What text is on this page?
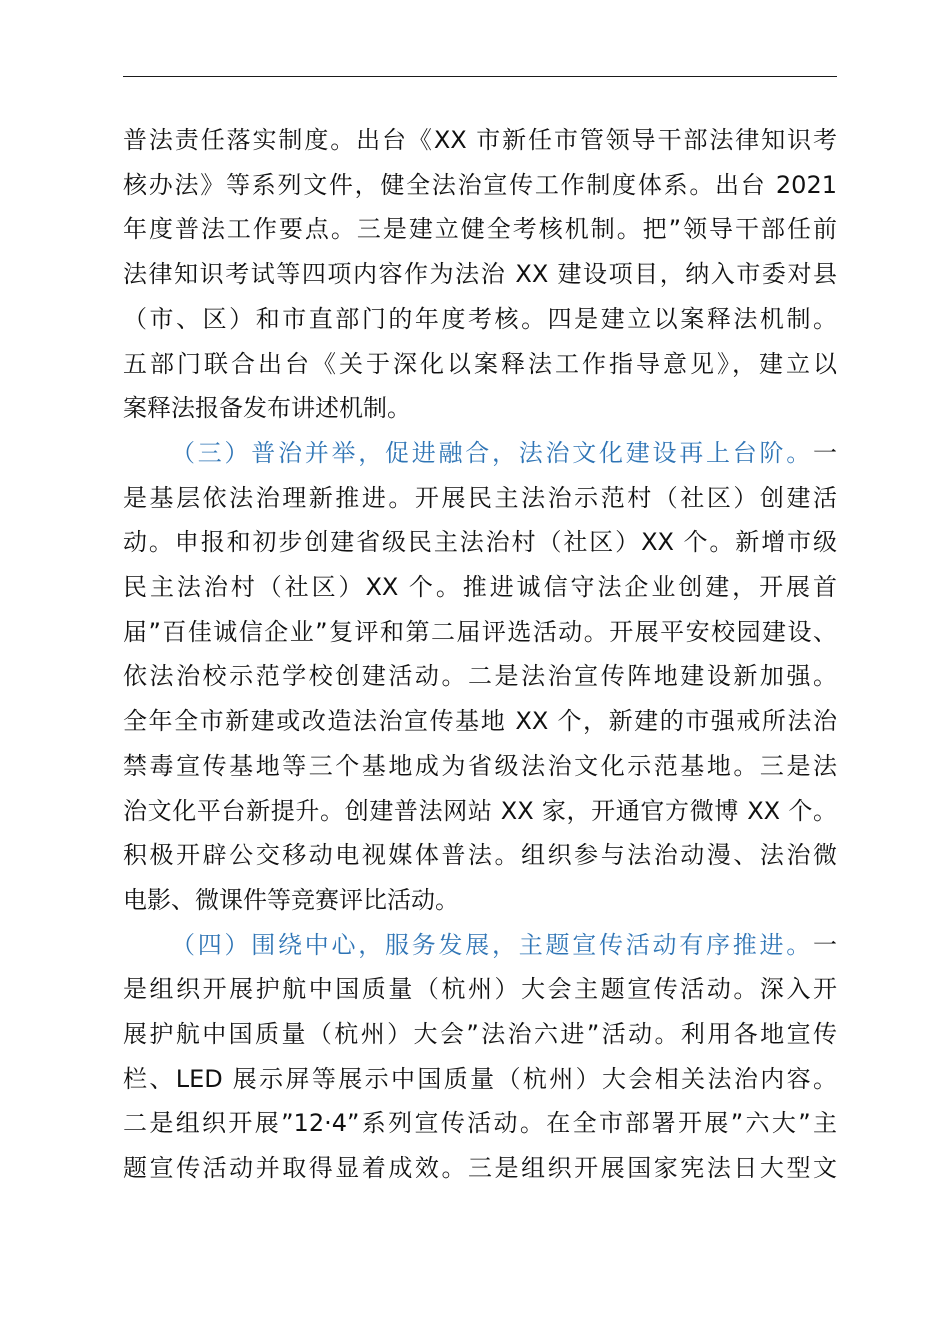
普法责任落实制度。出台《XX 市新任市管领导干部法律知识考
核办法》等系列文件，健全法治宣传工作制度体系。出台 2021
年度普法工作要点。三是建立健全考核机制。把”领导干部任前
法律知识考试等四项内容作为法治 XX 建设项目，纳入市委对县
（市、区）和市直部门的年度考核。四是建立以案释法机制。
五部门联合出台《关于深化以案释法工作指导意见》，建立以
案释法报备发布讲述机制。
（三）普治并举，促进融合，法治文化建设再上台阶。一
是基层依法治理新推进。开展民主法治示范村（社区）创建活
动。申报和初步创建省级民主法治村（社区）XX 个。新增市级
民主法治村（社区）XX 个。推进诚信守法企业创建，开展首
届”百佳诚信企业”复评和第二届评选活动。开展平安校园建设、
依法治校示范学校创建活动。二是法治宣传阵地建设新加强。
全年全市新建或改造法治宣传基地 XX 个，新建的市强戒所法治
禁毒宣传基地等三个基地成为省级法治文化示范基地。三是法
治文化平台新提升。创建普法网站 XX 家，开通官方微博 XX 个。
积极开辟公交移动电视媒体普法。组织参与法治动漫、法治微
电影、微课件等竞赛评比活动。
（四）围绕中心，服务发展，主题宣传活动有序推进。一
是组织开展护航中国质量（杭州）大会主题宣传活动。深入开
展护航中国质量（杭州）大会”法治六进”活动。利用各地宣传
栏、LED 展示屏等展示中国质量（杭州）大会相关法治内容。
二是组织开展”12·4”系列宣传活动。在全市部署开展”六大”主
题宣传活动并取得显着成效。三是组织开展国家宪法日大型文
